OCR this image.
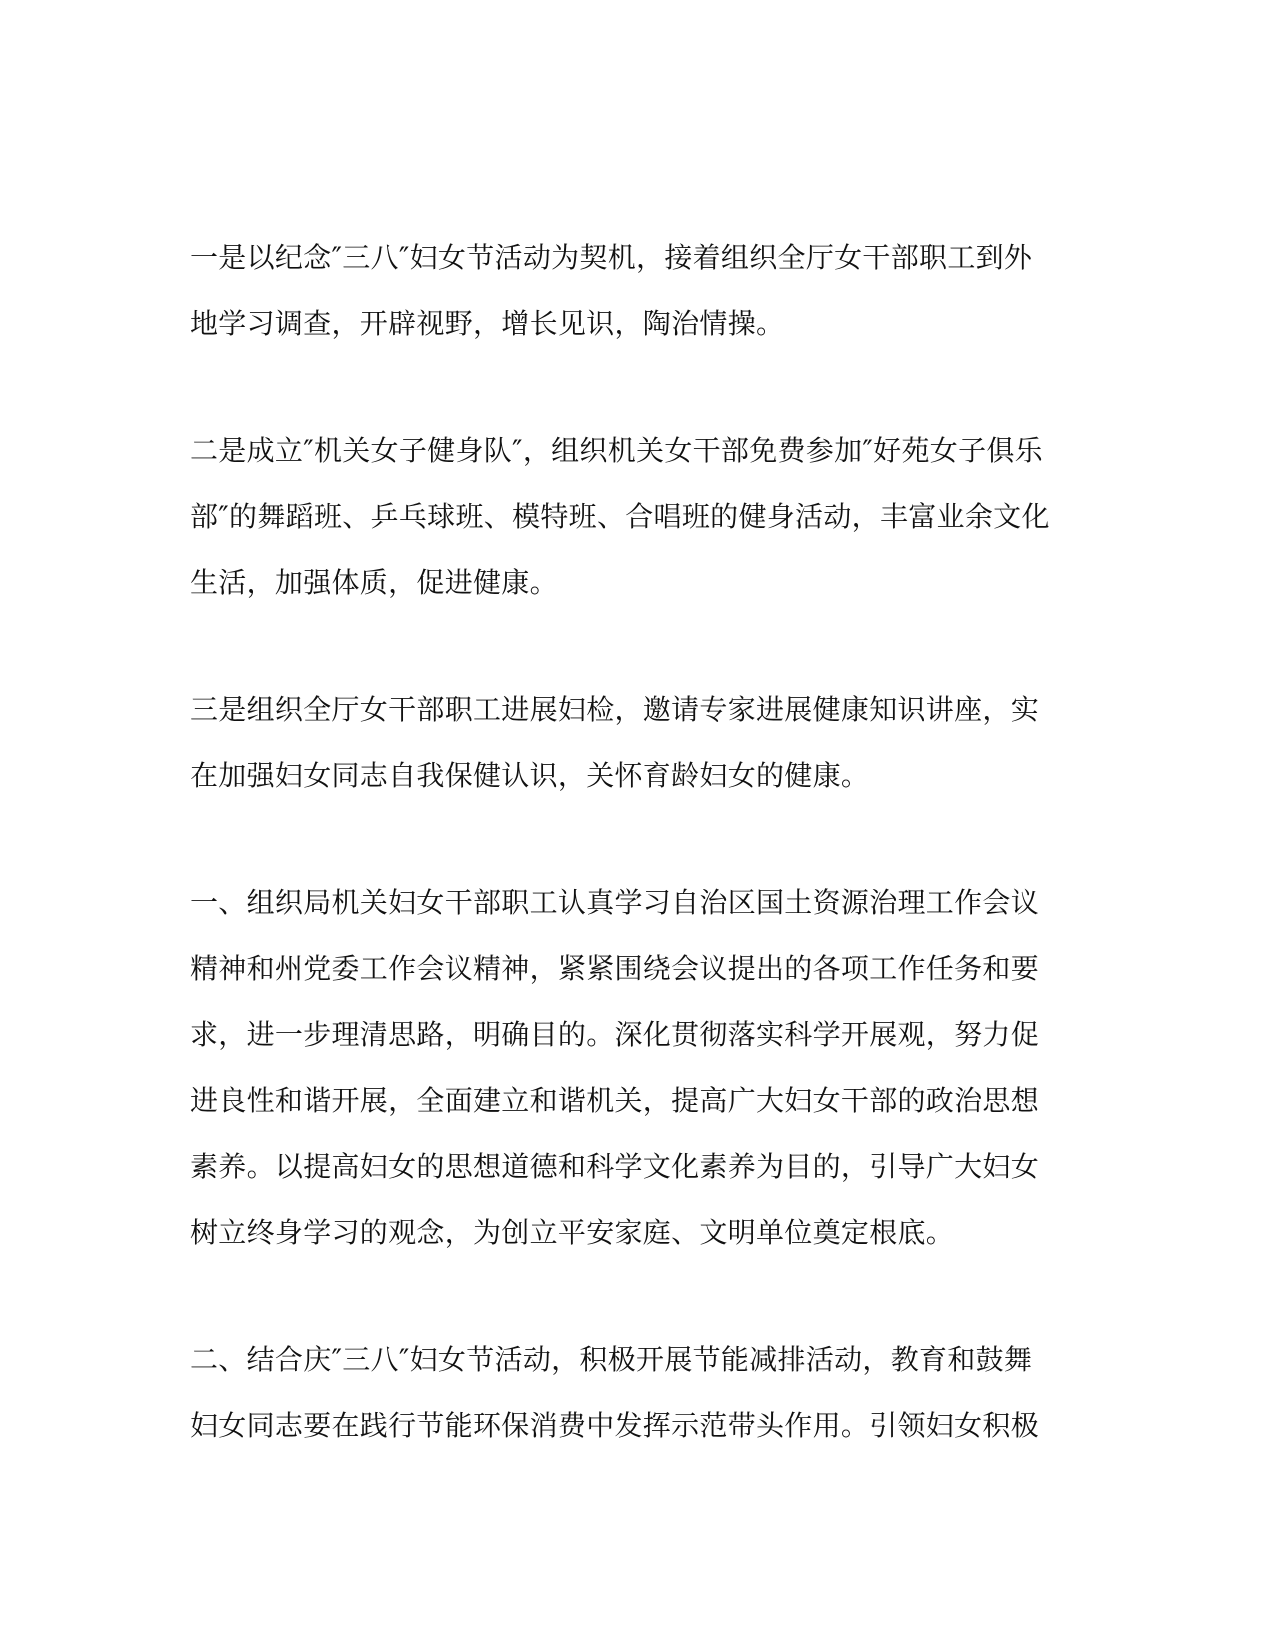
一是以纪念″三八″妇女节活动为契机，接着组织全厅女干部职工到外
地学习调查，开辟视野，增长见识，陶治情操。

二是成立″机关女子健身队″，组织机关女干部免费参加″好苑女子俱乐
部″的舞蹈班、乒乓球班、模特班、合唱班的健身活动，丰富业余文化
生活，加强体质，促进健康。

三是组织全厅女干部职工进展妇检，邀请专家进展健康知识讲座，实
在加强妇女同志自我保健认识，关怀育龄妇女的健康。

一、组织局机关妇女干部职工认真学习自治区国土资源治理工作会议
精神和州党委工作会议精神，紧紧围绕会议提出的各项工作任务和要
求，进一步理清思路，明确目的。深化贯彻落实科学开展观，努力促
进良性和谐开展，全面建立和谐机关，提高广大妇女干部的政治思想
素养。以提高妇女的思想道德和科学文化素养为目的，引导广大妇女
树立终身学习的观念，为创立平安家庭、文明单位奠定根底。

二、结合庆″三八″妇女节活动，积极开展节能减排活动，教育和鼓舞
妇女同志要在践行节能环保消费中发挥示范带头作用。引领妇女积极
